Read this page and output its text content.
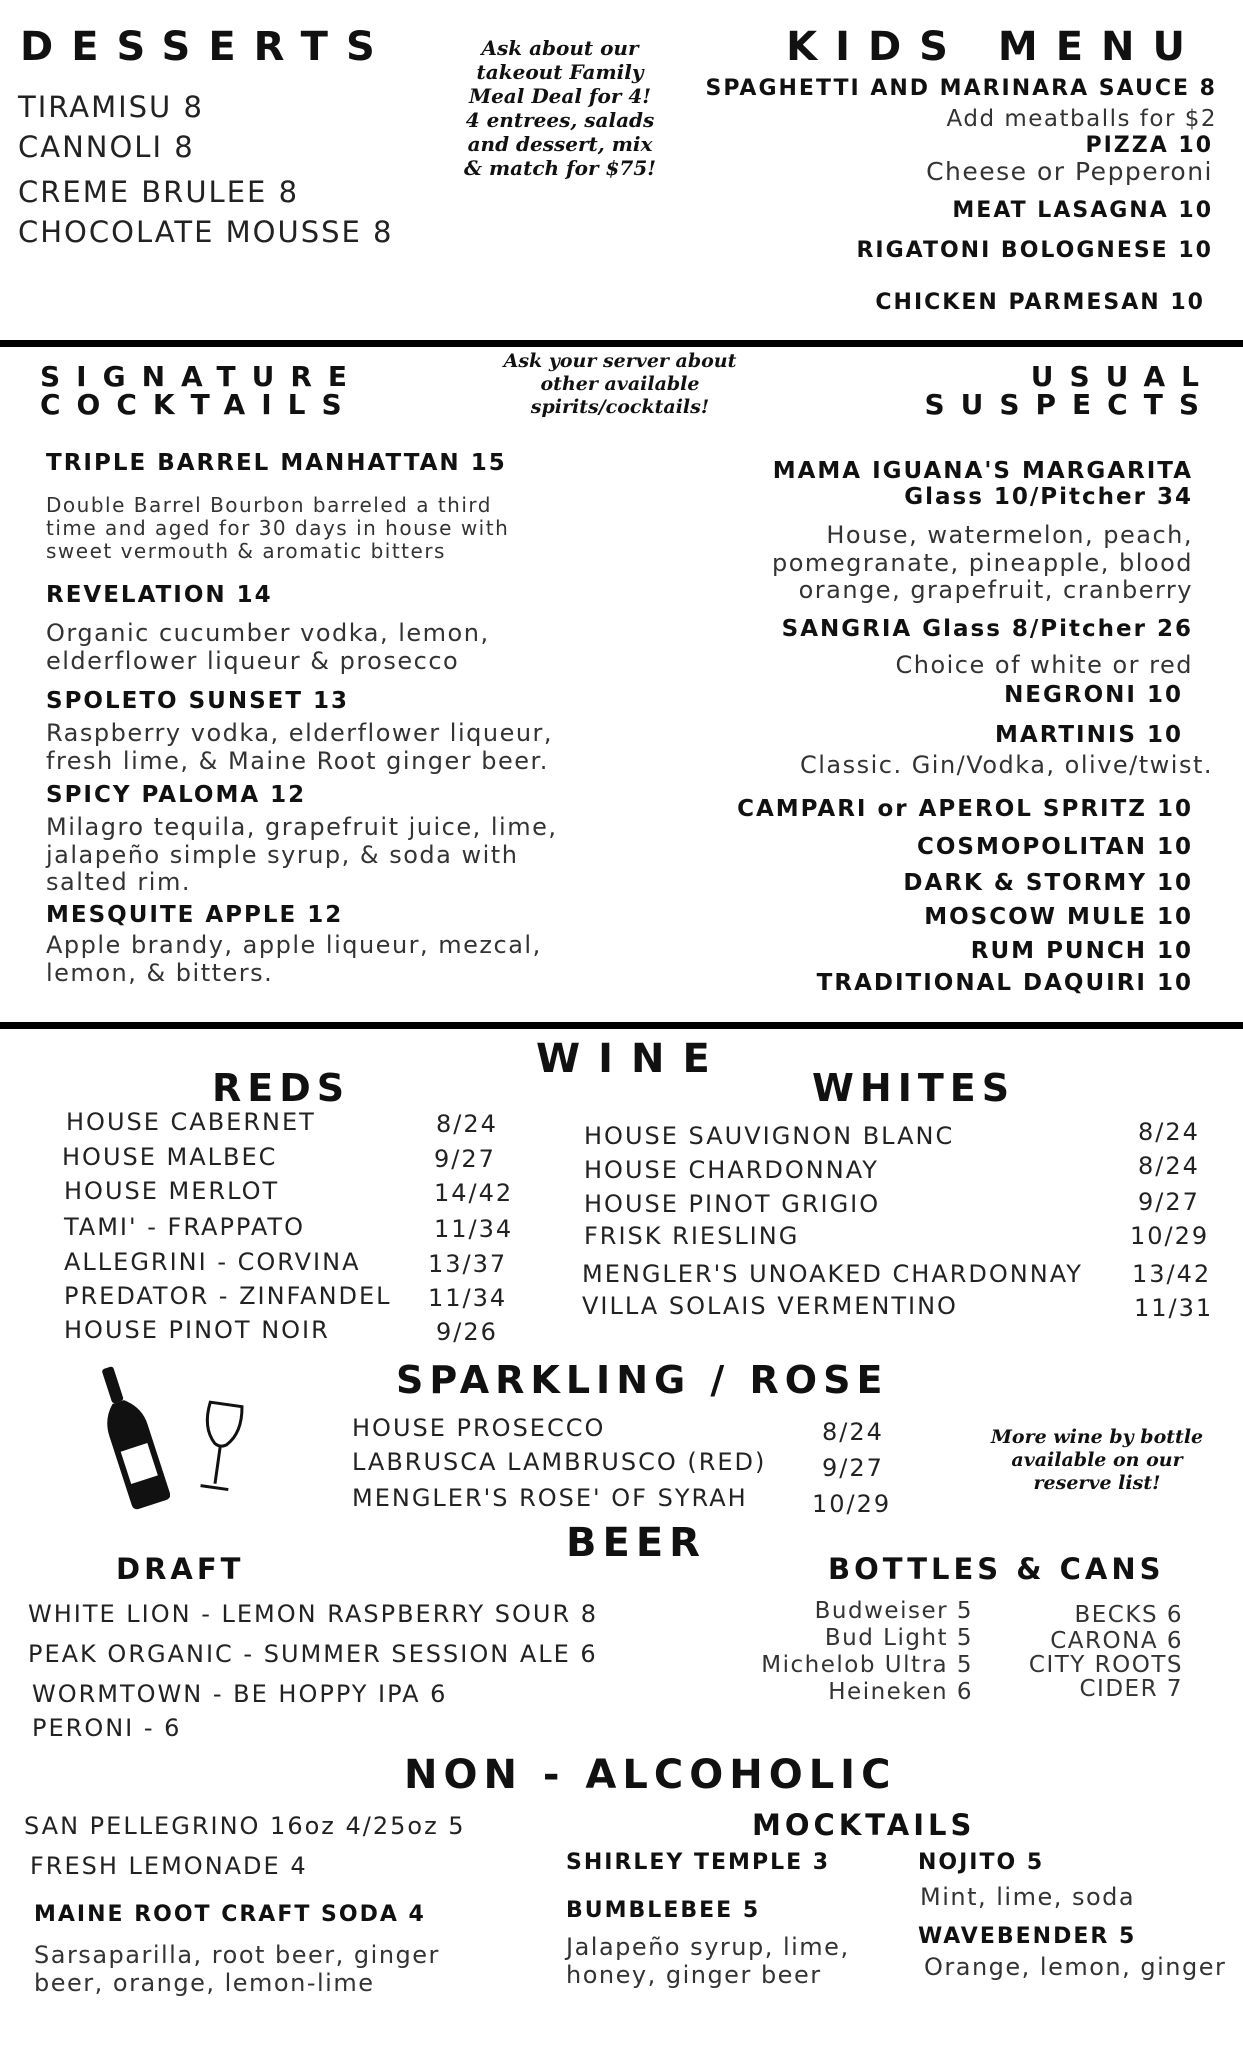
DESSERTS
TIRAMISU 8
CANNOLI 8
CREME BRULEE 8
CHOCOLATE MOUSSE 8
Ask about our takeout Family Meal Deal for 4! 4 entrees, salads and dessert, mix & match for $75!
KIDS MENU
SPAGHETTI AND MARINARA SAUCE 8
Add meatballs for $2
PIZZA 10
Cheese or Pepperoni
MEAT LASAGNA 10
RIGATONI BOLOGNESE 10
CHICKEN PARMESAN 10
SIGNATURE
COCKTAILS
Ask your server about other available spirits/cocktails!
USUAL
SUSPECTS
TRIPLE BARREL MANHATTAN 15
Double Barrel Bourbon barreled a third time and aged for 30 days in house with sweet vermouth & aromatic bitters
REVELATION 14
Organic cucumber vodka, lemon, elderflower liqueur & prosecco
SPOLETO SUNSET 13
Raspberry vodka, elderflower liqueur, fresh lime, & Maine Root ginger beer.
SPICY PALOMA 12
Milagro tequila, grapefruit juice, lime, jalapeño simple syrup, & soda with salted rim.
MESQUITE APPLE 12
Apple brandy, apple liqueur, mezcal, lemon, & bitters.
MAMA IGUANA'S MARGARITA
Glass 10/Pitcher 34
House, watermelon, peach, pomegranate, pineapple, blood orange, grapefruit, cranberry
SANGRIA Glass 8/Pitcher 26
Choice of white or red
NEGRONI 10
MARTINIS 10
Classic. Gin/Vodka, olive/twist.
CAMPARI or APEROL SPRITZ 10
COSMOPOLITAN 10
DARK & STORMY 10
MOSCOW MULE 10
RUM PUNCH 10
TRADITIONAL DAQUIRI 10
WINE
REDS	WHITES
HOUSE CABERNET	8/24
HOUSE MALBEC	9/27
HOUSE MERLOT	14/42
TAMI' - FRAPPATO	11/34
ALLEGRINI - CORVINA	13/37
PREDATOR - ZINFANDEL 11/34
HOUSE PINOT NOIR	9/26
HOUSE SAUVIGNON BLANC	8/24
HOUSE CHARDONNAY	8/24
HOUSE PINOT GRIGIO	9/27
FRISK RIESLING	10/29
MENGLER'S UNOAKED CHARDONNAY 13/42
VILLA SOLAIS VERMENTINO	11/31
SPARKLING / ROSE
HOUSE PROSECCO	8/24
LABRUSCA LAMBRUSCO (RED) 9/27
MENGLER'S ROSE' OF SYRAH	10/29
More wine by bottle available on our reserve list!
BEER
DRAFT	BOTTLES & CANS
WHITE LION - LEMON RASPBERRY SOUR 8
PEAK ORGANIC - SUMMER SESSION ALE 6
WORMTOWN - BE HOPPY IPA 6
PERONI - 6
Budweiser 5
Bud Light 5
Michelob Ultra 5
Heineken 6
BECKS 6
CARONA 6
CITY ROOTS
CIDER 7
NON - ALCOHOLIC
SAN PELLEGRINO 16oz 4/25oz 5
FRESH LEMONADE 4
MAINE ROOT CRAFT SODA 4
Sarsaparilla, root beer, ginger beer, orange, lemon-lime
MOCKTAILS
SHIRLEY TEMPLE 3
BUMBLEBEE 5
Jalapeño syrup, lime, honey, ginger beer
NOJITO 5
Mint, lime, soda
WAVEBENDER 5
Orange, lemon, ginger
